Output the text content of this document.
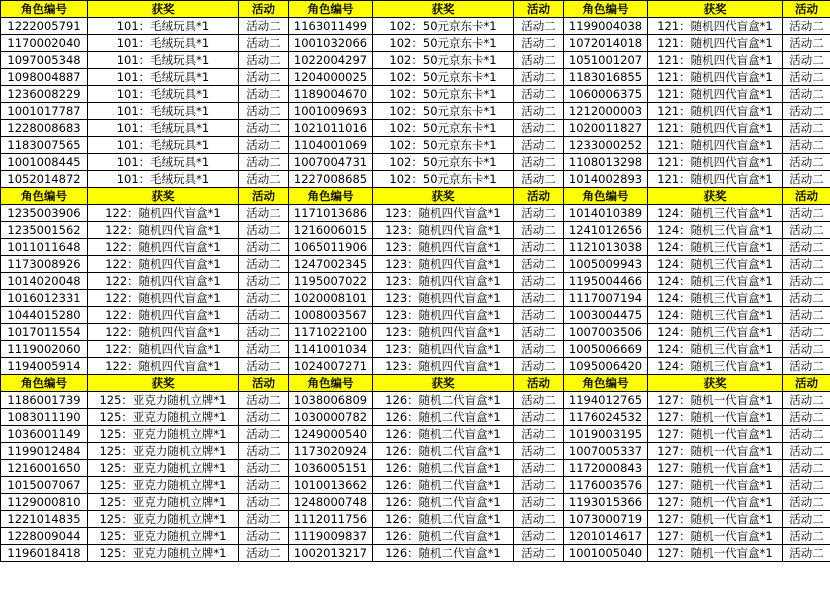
角色编号	获奖	活动	角色编号	获奖	活动	角色编号	获奖	活动
1222005791	101：毛绒玩具*1	活动二	1163011499	102：50元京东卡*1	活动二	1199004038	121：随机四代盲盒*1	活动二
1170002040	101：毛绒玩具*1	活动二	1001032066	102：50元京东卡*1	活动二	1072014018	121：随机四代盲盒*1	活动二
1097005348	101：毛绒玩具*1	活动二	1022004297	102：50元京东卡*1	活动二	1051001207	121：随机四代盲盒*1	活动二
1098004887	101：毛绒玩具*1	活动二	1204000025	102：50元京东卡*1	活动二	1183016855	121：随机四代盲盒*1	活动二
1236008229	101：毛绒玩具*1	活动二	1189004670	102：50元京东卡*1	活动二	1060006375	121：随机四代盲盒*1	活动二
1001017787	101：毛绒玩具*1	活动二	1001009693	102：50元京东卡*1	活动二	1212000003	121：随机四代盲盒*1	活动二
1228008683	101：毛绒玩具*1	活动二	1021011016	102：50元京东卡*1	活动二	1020011827	121：随机四代盲盒*1	活动二
1183007565	101：毛绒玩具*1	活动二	1104001069	102：50元京东卡*1	活动二	1233000252	121：随机四代盲盒*1	活动二
1001008445	101：毛绒玩具*1	活动二	1007004731	102：50元京东卡*1	活动二	1108013298	121：随机四代盲盒*1	活动二
1052014872	101：毛绒玩具*1	活动二	1227008685	102：50元京东卡*1	活动二	1014002893	121：随机四代盲盒*1	活动二
角色编号	获奖	活动	角色编号	获奖	活动	角色编号	获奖	活动
1235003906	122：随机四代盲盒*1	活动二	1171013686	123：随机四代盲盒*1	活动二	1014010389	124：随机三代盲盒*1	活动二
1235001562	122：随机四代盲盒*1	活动二	1216006015	123：随机四代盲盒*1	活动二	1241012656	124：随机三代盲盒*1	活动二
1011011648	122：随机四代盲盒*1	活动二	1065011906	123：随机四代盲盒*1	活动二	1121013038	124：随机三代盲盒*1	活动二
1173008926	122：随机四代盲盒*1	活动二	1247002345	123：随机四代盲盒*1	活动二	1005009943	124：随机三代盲盒*1	活动二
1014020048	122：随机四代盲盒*1	活动二	1195007022	123：随机四代盲盒*1	活动二	1195004466	124：随机三代盲盒*1	活动二
1016012331	122：随机四代盲盒*1	活动二	1020008101	123：随机四代盲盒*1	活动二	1117007194	124：随机三代盲盒*1	活动二
1044015280	122：随机四代盲盒*1	活动二	1008003567	123：随机四代盲盒*1	活动二	1003004475	124：随机三代盲盒*1	活动二
1017011554	122：随机四代盲盒*1	活动二	1171022100	123：随机四代盲盒*1	活动二	1007003506	124：随机三代盲盒*1	活动二
1119002060	122：随机四代盲盒*1	活动二	1141001034	123：随机四代盲盒*1	活动二	1005006669	124：随机三代盲盒*1	活动二
1194005914	122：随机四代盲盒*1	活动二	1024007271	123：随机四代盲盒*1	活动二	1095006420	124：随机三代盲盒*1	活动二
角色编号	获奖	活动	角色编号	获奖	活动	角色编号	获奖	活动
1186001739	125：亚克力随机立牌*1	活动二	1038006809	126：随机二代盲盒*1	活动二	1194012765	127：随机一代盲盒*1	活动二
1083011190	125：亚克力随机立牌*1	活动二	1030000782	126：随机二代盲盒*1	活动二	1176024532	127：随机一代盲盒*1	活动二
1036001149	125：亚克力随机立牌*1	活动二	1249000540	126：随机二代盲盒*1	活动二	1019003195	127：随机一代盲盒*1	活动二
1199012484	125：亚克力随机立牌*1	活动二	1173020924	126：随机二代盲盒*1	活动二	1007005337	127：随机一代盲盒*1	活动二
1216001650	125：亚克力随机立牌*1	活动二	1036005151	126：随机二代盲盒*1	活动二	1172000843	127：随机一代盲盒*1	活动二
1015007067	125：亚克力随机立牌*1	活动二	1010013662	126：随机二代盲盒*1	活动二	1176003576	127：随机一代盲盒*1	活动二
1129000810	125：亚克力随机立牌*1	活动二	1248000748	126：随机二代盲盒*1	活动二	1193015366	127：随机一代盲盒*1	活动二
1221014835	125：亚克力随机立牌*1	活动二	1112011756	126：随机二代盲盒*1	活动二	1073000719	127：随机一代盲盒*1	活动二
1228009044	125：亚克力随机立牌*1	活动二	1119009837	126：随机二代盲盒*1	活动二	1201014617	127：随机一代盲盒*1	活动二
1196018418	125：亚克力随机立牌*1	活动二	1002013217	126：随机二代盲盒*1	活动二	1001005040	127：随机一代盲盒*1	活动二
